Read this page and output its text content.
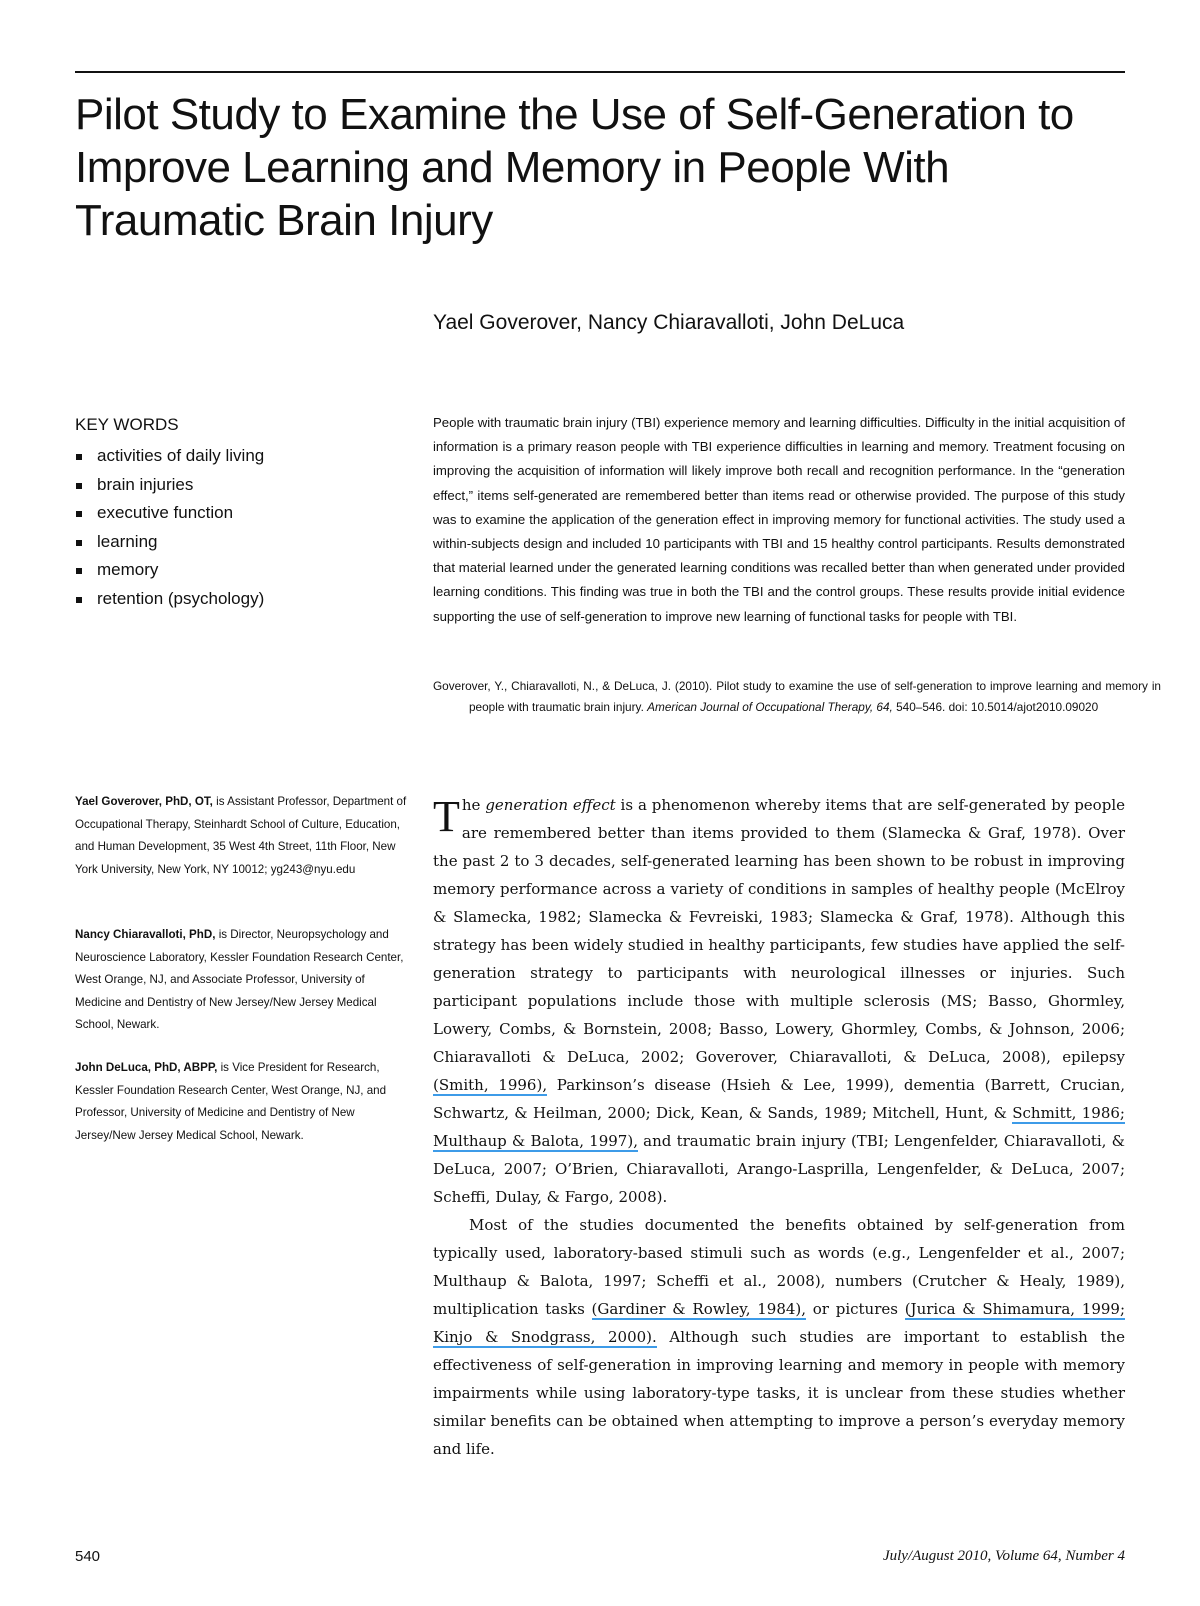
Pilot Study to Examine the Use of Self-Generation to Improve Learning and Memory in People With Traumatic Brain Injury
Yael Goverover, Nancy Chiaravalloti, John DeLuca
KEY WORDS
activities of daily living
brain injuries
executive function
learning
memory
retention (psychology)

People with traumatic brain injury (TBI) experience memory and learning difficulties. Difficulty in the initial acquisition of information is a primary reason people with TBI experience difficulties in learning and memory. Treatment focusing on improving the acquisition of information will likely improve both recall and recognition performance. In the “generation effect,” items self-generated are remembered better than items read or otherwise provided. The purpose of this study was to examine the application of the generation effect in improving memory for functional activities. The study used a within-subjects design and included 10 participants with TBI and 15 healthy control participants. Results demonstrated that material learned under the generated learning conditions was recalled better than when generated under provided learning conditions. This finding was true in both the TBI and the control groups. These results provide initial evidence supporting the use of self-generation to improve new learning of functional tasks for people with TBI.

Goverover, Y., Chiaravalloti, N., & DeLuca, J. (2010). Pilot study to examine the use of self-generation to improve learning and memory in people with traumatic brain injury. American Journal of Occupational Therapy, 64, 540–546. doi: 10.5014/ajot2010.09020

Yael Goverover, PhD, OT, is Assistant Professor, Department of Occupational Therapy, Steinhardt School of Culture, Education, and Human Development, 35 West 4th Street, 11th Floor, New York University, New York, NY 10012; yg243@nyu.edu

Nancy Chiaravalloti, PhD, is Director, Neuropsychology and Neuroscience Laboratory, Kessler Foundation Research Center, West Orange, NJ, and Associate Professor, University of Medicine and Dentistry of New Jersey/New Jersey Medical School, Newark.

John DeLuca, PhD, ABPP, is Vice President for Research, Kessler Foundation Research Center, West Orange, NJ, and Professor, University of Medicine and Dentistry of New Jersey/New Jersey Medical School, Newark.

The generation effect is a phenomenon whereby items that are self-generated by people are remembered better than items provided to them (Slamecka & Graf, 1978). Over the past 2 to 3 decades, self-generated learning has been shown to be robust in improving memory performance across a variety of conditions in samples of healthy people (McElroy & Slamecka, 1982; Slamecka & Fevreiski, 1983; Slamecka & Graf, 1978). Although this strategy has been widely studied in healthy participants, few studies have applied the self-generation strategy to participants with neurological illnesses or injuries. Such participant populations include those with multiple sclerosis (MS; Basso, Ghormley, Lowery, Combs, & Bornstein, 2008; Basso, Lowery, Ghormley, Combs, & Johnson, 2006; Chiaravalloti & DeLuca, 2002; Goverover, Chiaravalloti, & DeLuca, 2008), epilepsy (Smith, 1996), Parkinson’s disease (Hsieh & Lee, 1999), dementia (Barrett, Crucian, Schwartz, & Heilman, 2000; Dick, Kean, & Sands, 1989; Mitchell, Hunt, & Schmitt, 1986; Multhaup & Balota, 1997), and traumatic brain injury (TBI; Lengenfelder, Chiaravalloti, & DeLuca, 2007; O’Brien, Chiaravalloti, Arango-Lasprilla, Lengenfelder, & DeLuca, 2007; Scheffi, Dulay, & Fargo, 2008).

Most of the studies documented the benefits obtained by self-generation from typically used, laboratory-based stimuli such as words (e.g., Lengenfelder et al., 2007; Multhaup & Balota, 1997; Scheffi et al., 2008), numbers (Crutcher & Healy, 1989), multiplication tasks (Gardiner & Rowley, 1984), or pictures (Jurica & Shimamura, 1999; Kinjo & Snodgrass, 2000). Although such studies are important to establish the effectiveness of self-generation in improving learning and memory in people with memory impairments while using laboratory-type tasks, it is unclear from these studies whether similar benefits can be obtained when attempting to improve a person’s everyday memory and life.

540	July/August 2010, Volume 64, Number 4
